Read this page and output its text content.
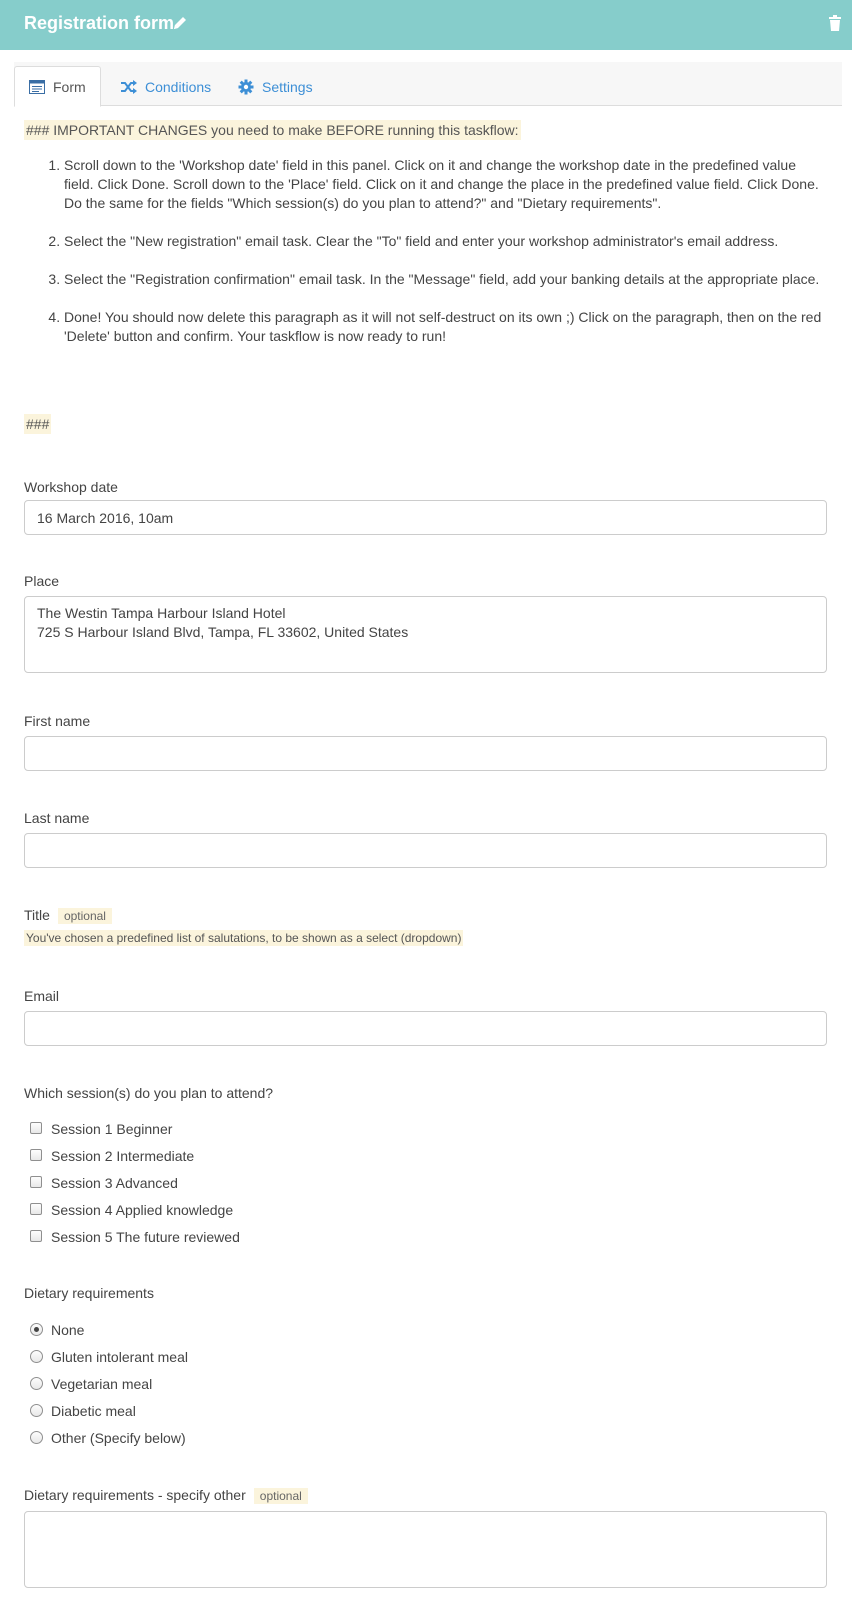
Registration form
Form	Conditions	Settings
### IMPORTANT CHANGES you need to make BEFORE running this taskflow:
1. Scroll down to the 'Workshop date' field in this panel. Click on it and change the workshop date in the predefined value field. Click Done. Scroll down to the 'Place' field. Click on it and change the place in the predefined value field. Click Done. Do the same for the fields "Which session(s) do you plan to attend?" and "Dietary requirements".
2. Select the "New registration" email task. Clear the "To" field and enter your workshop administrator's email address.
3. Select the "Registration confirmation" email task. In the "Message" field, add your banking details at the appropriate place.
4. Done! You should now delete this paragraph as it will not self-destruct on its own ;) Click on the paragraph, then on the red 'Delete' button and confirm. Your taskflow is now ready to run!
###
Workshop date
16 March 2016, 10am
Place
The Westin Tampa Harbour Island Hotel 725 S Harbour Island Blvd, Tampa, FL 33602, United States
First name
Last name
Title optional
You've chosen a predefined list of salutations, to be shown as a select (dropdown)
Email
Which session(s) do you plan to attend?
Session 1 Beginner
Session 2 Intermediate
Session 3 Advanced
Session 4 Applied knowledge
Session 5 The future reviewed
Dietary requirements
None
Gluten intolerant meal
Vegetarian meal
Diabetic meal
Other (Specify below)
Dietary requirements - specify other optional
